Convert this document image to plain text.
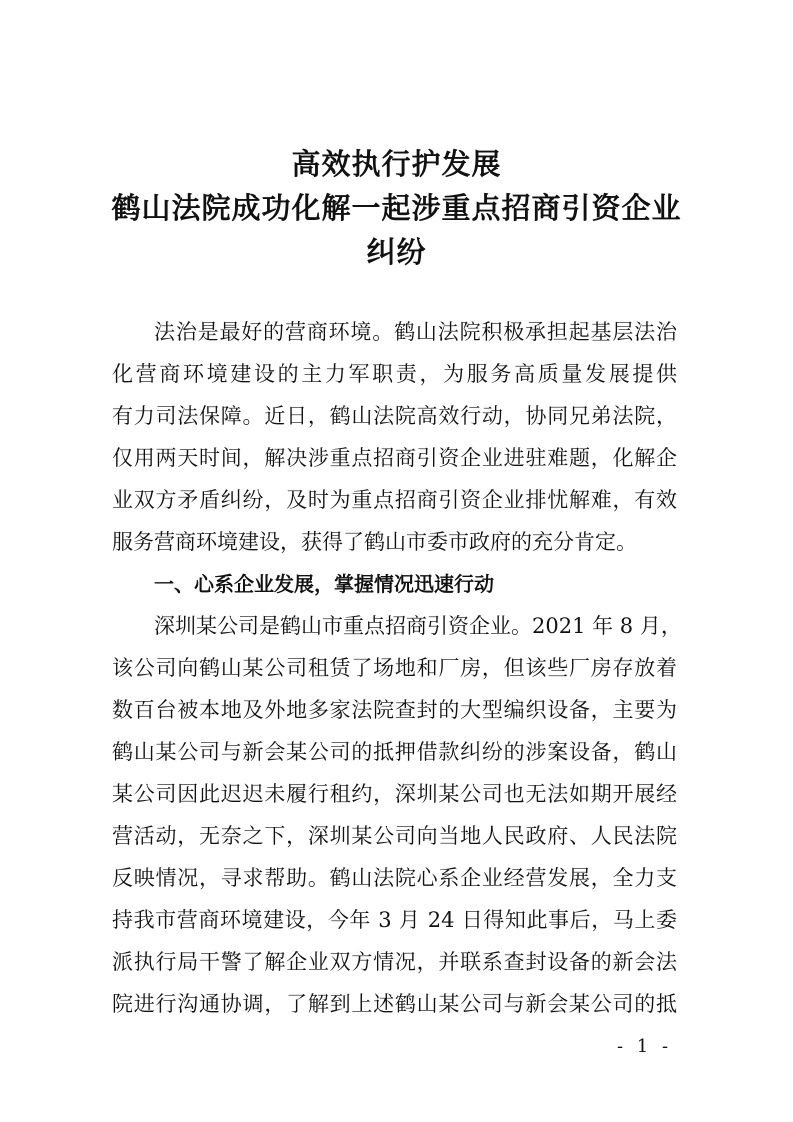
高效执行护发展
鹤山法院成功化解一起涉重点招商引资企业
纠纷
法治是最好的营商环境。鹤山法院积极承担起基层法治
化营商环境建设的主力军职责，为服务高质量发展提供
有力司法保障。近日，鹤山法院高效行动，协同兄弟法院，
仅用两天时间，解决涉重点招商引资企业进驻难题，化解企
业双方矛盾纠纷，及时为重点招商引资企业排忧解难，有效
服务营商环境建设，获得了鹤山市委市政府的充分肯定。
一、心系企业发展，掌握情况迅速行动
深圳某公司是鹤山市重点招商引资企业。2021 年 8 月，
该公司向鹤山某公司租赁了场地和厂房，但该些厂房存放着
数百台被本地及外地多家法院查封的大型编织设备，主要为
鹤山某公司与新会某公司的抵押借款纠纷的涉案设备，鹤山
某公司因此迟迟未履行租约，深圳某公司也无法如期开展经
营活动，无奈之下，深圳某公司向当地人民政府、人民法院
反映情况，寻求帮助。鹤山法院心系企业经营发展，全力支
持我市营商环境建设，今年 3 月 24 日得知此事后，马上委
派执行局干警了解企业双方情况，并联系查封设备的新会法
院进行沟通协调，了解到上述鹤山某公司与新会某公司的抵
- 1 -
